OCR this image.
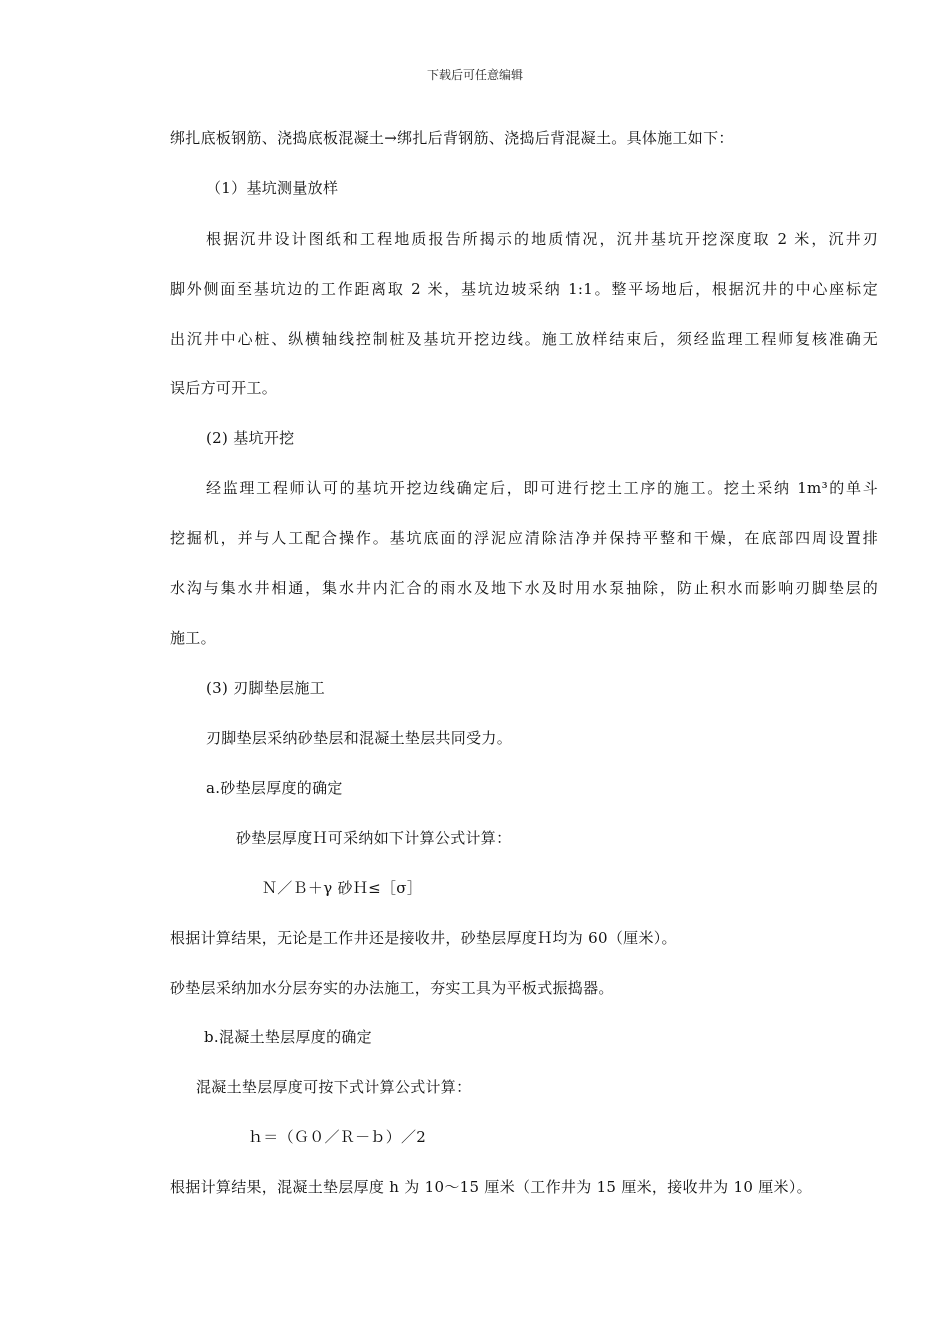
下载后可任意编辑
绑扎底板钢筋、浇捣底板混凝土→绑扎后背钢筋、浇捣后背混凝土。具体施工如下：
（1）基坑测量放样
根据沉井设计图纸和工程地质报告所揭示的地质情况，沉井基坑开挖深度取 2 米，沉井刃
脚外侧面至基坑边的工作距离取 2 米，基坑边坡采纳 1:1。整平场地后，根据沉井的中心座标定
出沉井中心桩、纵横轴线控制桩及基坑开挖边线。施工放样结束后，须经监理工程师复核准确无
误后方可开工。
(2) 基坑开挖
经监理工程师认可的基坑开挖边线确定后，即可进行挖土工序的施工。挖土采纳 1m³的单斗
挖掘机，并与人工配合操作。基坑底面的浮泥应清除洁净并保持平整和干燥，在底部四周设置排
水沟与集水井相通，集水井内汇合的雨水及地下水及时用水泵抽除，防止积水而影响刃脚垫层的
施工。
(3) 刃脚垫层施工
刃脚垫层采纳砂垫层和混凝土垫层共同受力。
a.砂垫层厚度的确定
砂垫层厚度Ｈ可采纳如下计算公式计算：
Ｎ／Ｂ＋γ 砂Ｈ≤［σ］
根据计算结果，无论是工作井还是接收井，砂垫层厚度Ｈ均为 60（厘米）。
砂垫层采纳加水分层夯实的办法施工，夯实工具为平板式振捣器。
b.混凝土垫层厚度的确定
混凝土垫层厚度可按下式计算公式计算：
ｈ＝（Ｇ０／Ｒ－ｂ）／2
根据计算结果，混凝土垫层厚度 h 为 10～15 厘米（工作井为 15 厘米，接收井为 10 厘米）。
